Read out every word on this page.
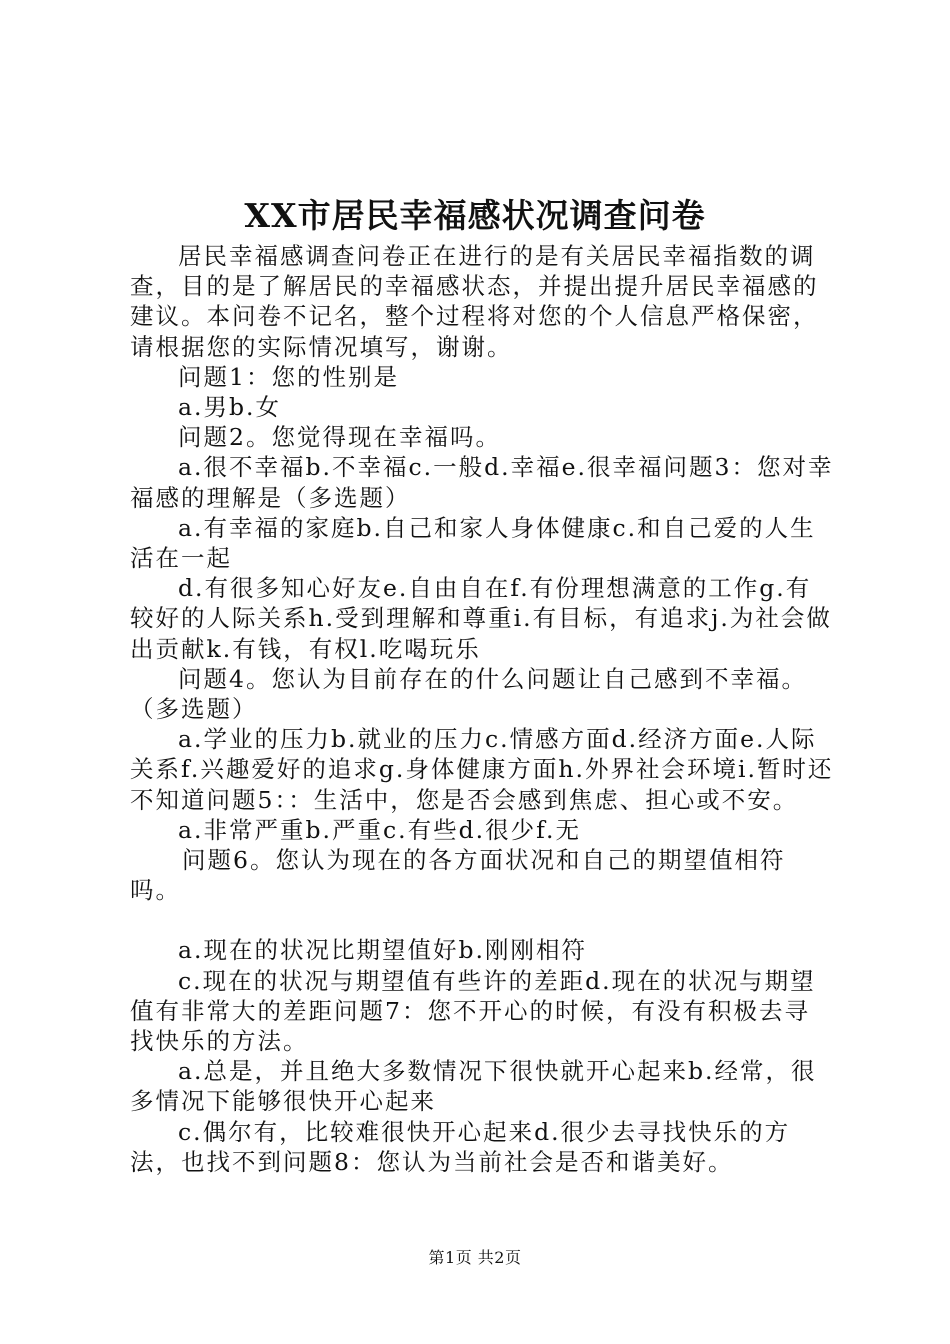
XX市居民幸福感状况调查问卷

居民幸福感调查问卷正在进行的是有关居民幸福指数的调查，目的是了解居民的幸福感状态，并提出提升居民幸福感的建议。本问卷不记名，整个过程将对您的个人信息严格保密，请根据您的实际情况填写，谢谢。

问题1：您的性别是

a.男b.女

问题2。您觉得现在幸福吗。

a.很不幸福b.不幸福c.一般d.幸福e.很幸福问题3：您对幸福感的理解是（多选题）

a.有幸福的家庭b.自己和家人身体健康c.和自己爱的人生活在一起

d.有很多知心好友e.自由自在f.有份理想满意的工作g.有较好的人际关系h.受到理解和尊重i.有目标，有追求j.为社会做出贡献k.有钱，有权l.吃喝玩乐

问题4。您认为目前存在的什么问题让自己感到不幸福。（多选题）

a.学业的压力b.就业的压力c.情感方面d.经济方面e.人际关系f.兴趣爱好的追求g.身体健康方面h.外界社会环境i.暂时还不知道问题5：：生活中，您是否会感到焦虑、担心或不安。

a.非常严重b.严重c.有些d.很少f.无

问题6。您认为现在的各方面状况和自己的期望值相符吗。

a.现在的状况比期望值好b.刚刚相符

c.现在的状况与期望值有些许的差距d.现在的状况与期望值有非常大的差距问题7：您不开心的时候，有没有积极去寻找快乐的方法。

a.总是，并且绝大多数情况下很快就开心起来b.经常，很多情况下能够很快开心起来

c.偶尔有，比较难很快开心起来d.很少去寻找快乐的方法，也找不到问题8：您认为当前社会是否和谐美好。

第1页 共2页
